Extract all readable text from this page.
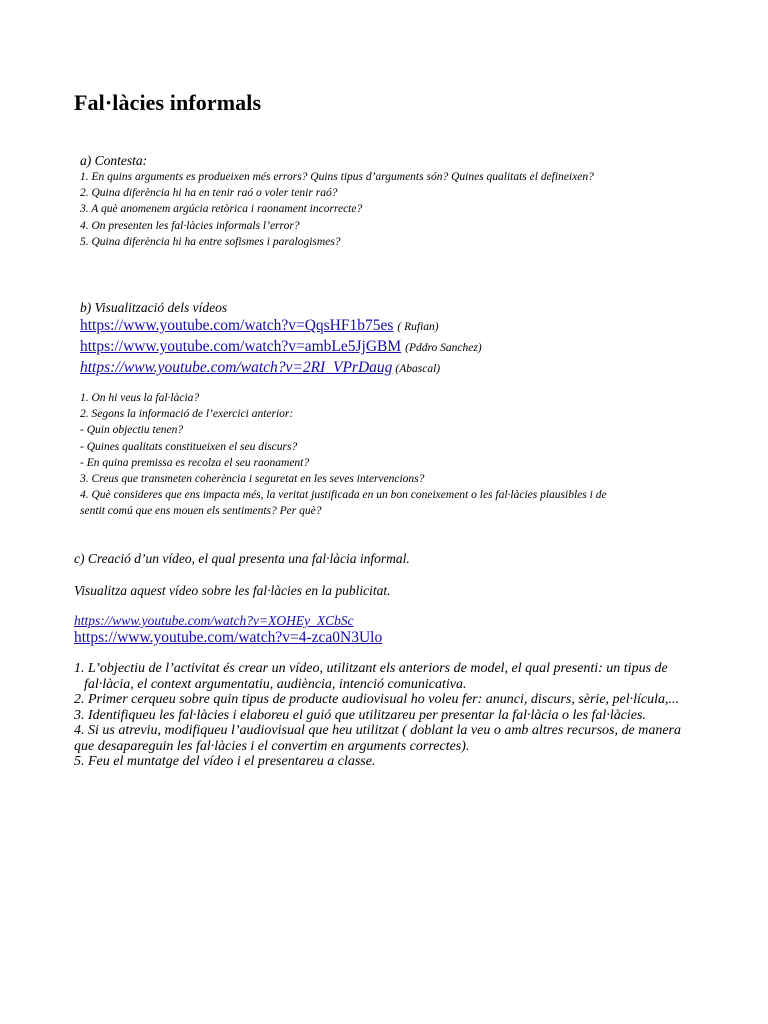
Fal·làcies informals
a) Contesta:
1. En quins arguments es produeixen més errors? Quins tipus d’arguments són? Quines qualitats el defineixen?
2. Quina diferència hi ha en tenir raó o voler tenir raó?
3. A què anomenem argúcia retòrica i raonament incorrecte?
4. On presenten les fal·làcies informals l’error?
5. Quina diferència hi ha entre sofismes i paralogismes?
b) Visualització dels vídeos
https://www.youtube.com/watch?v=QqsHF1b75es ( Rufian)
https://www.youtube.com/watch?v=ambLe5JjGBM (Pddro Sanchez)
https://www.youtube.com/watch?v=2RI_VPrDaug (Abascal)
1. On hi veus la fal·làcia?
2. Segons la informació de l’exercici anterior:
- Quin objectiu tenen?
- Quines qualitats constitueixen el seu discurs?
- En quina premissa es recolza el seu raonament?
3. Creus que transmeten coherència i seguretat en les seves intervencions?
4. Què consideres que ens impacta més, la veritat justificada en un bon coneixement o les fal·làcies plausibles i de
sentit comú que ens mouen els sentiments? Per què?
c) Creació d’un vídeo, el qual presenta una fal·làcia informal.
Visualitza aquest vídeo sobre les fal·làcies en la publicitat.
https://www.youtube.com/watch?v=XOHEy_XCbSc
https://www.youtube.com/watch?v=4-zca0N3Ulo
1. L’objectiu de l’activitat és crear un vídeo, utilitzant els anteriors de model, el qual presenti: un tipus de
fal·làcia, el context argumentatiu, audiència, intenció comunicativa.
2. Primer cerqueu sobre quin tipus de producte audiovisual ho voleu fer: anunci, discurs, sèrie, pel·lícula,...
3. Identifiqueu les fal·làcies i elaboreu el guió que utilitzareu per presentar la fal·làcia o les fal·làcies.
4. Si us atreviu, modifiqueu l’audiovisual que heu utilitzat ( doblant la veu o amb altres recursos, de manera
que desapareguin les fal·làcies i el convertim en arguments correctes).
5. Feu el muntatge del vídeo i el presentareu a classe.
